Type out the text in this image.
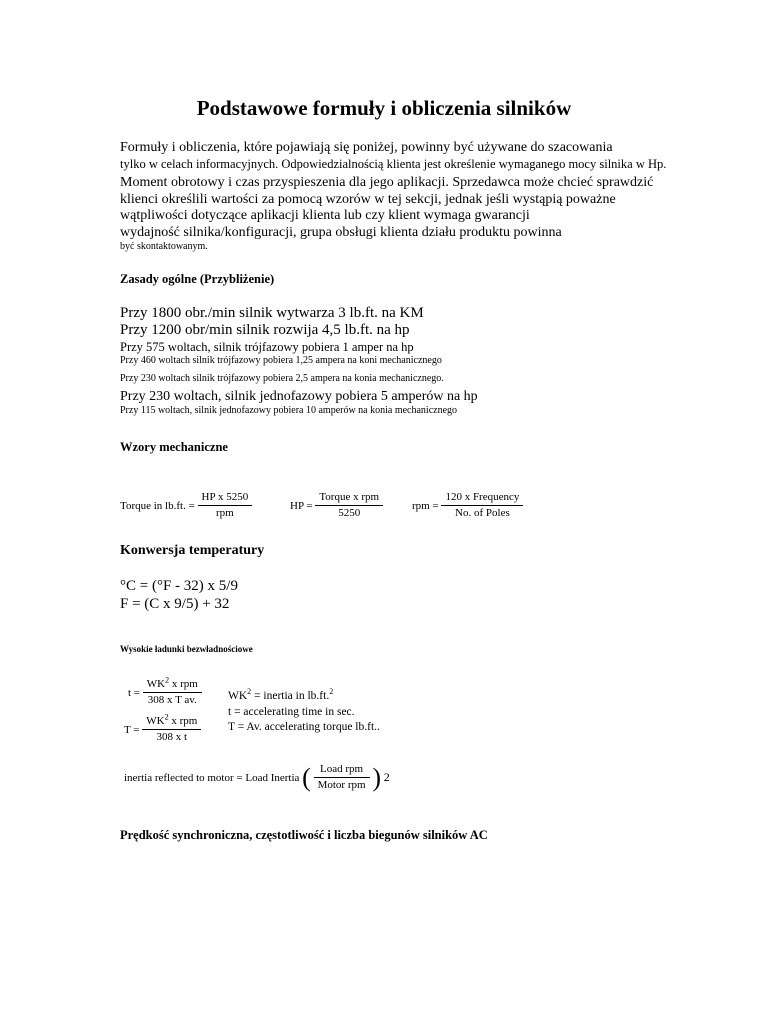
Podstawowe formuły i obliczenia silników
Formuły i obliczenia, które pojawiają się poniżej, powinny być używane do szacowania
tylko w celach informacyjnych. Odpowiedzialnością klienta jest określenie wymaganego mocy silnika w Hp.
Moment obrotowy i czas przyspieszenia dla jego aplikacji. Sprzedawca może chcieć sprawdzić
klienci określili wartości za pomocą wzorów w tej sekcji, jednak jeśli wystąpią poważne
wątpliwości dotyczące aplikacji klienta lub czy klient wymaga gwarancji
wydajność silnika/konfiguracji, grupa obsługi klienta działu produktu powinna
być skontaktowanym.
Zasady ogólne (Przybliżenie)
Przy 1800 obr./min silnik wytwarza 3 lb.ft. na KM
Przy 1200 obr/min silnik rozwija 4,5 lb.ft. na hp
Przy 575 woltach, silnik trójfazowy pobiera 1 amper na hp
Przy 460 woltach silnik trójfazowy pobiera 1,25 ampera na koni mechanicznego
Przy 230 woltach silnik trójfazowy pobiera 2,5 ampera na konia mechanicznego.
Przy 230 woltach, silnik jednofazowy pobiera 5 amperów na hp
Przy 115 woltach, silnik jednofazowy pobiera 10 amperów na konia mechanicznego
Wzory mechaniczne
Torque in lb.ft. = $\frac{\text{HP x 5250}}{\text{rpm}}$	HP = $\frac{\text{Torque x rpm}}{5250}$	rpm = $\frac{\text{120 x Frequency}}{\text{No. of Poles}}$
Konwersja temperatury
°C = (°F - 32) x 5/9
F = (C x 9/5) + 32
Wysokie ładunki bezwładnościowe
$t = \frac{WK^2 x rpm}{\text{308 x T av.}}$
$T = \frac{WK^2 x rpm}{\text{308 x t}}$
$WK^2$ = inertia in lb.ft.$^2$
t = accelerating time in sec.
T = Av. accelerating torque lb.ft..
inertia reflected to motor = Load Inertia ( $\frac{\text{Load rpm}}{\text{Motor rpm}}$ ) 2
Prędkość synchroniczna, częstotliwość i liczba biegunów silników AC
